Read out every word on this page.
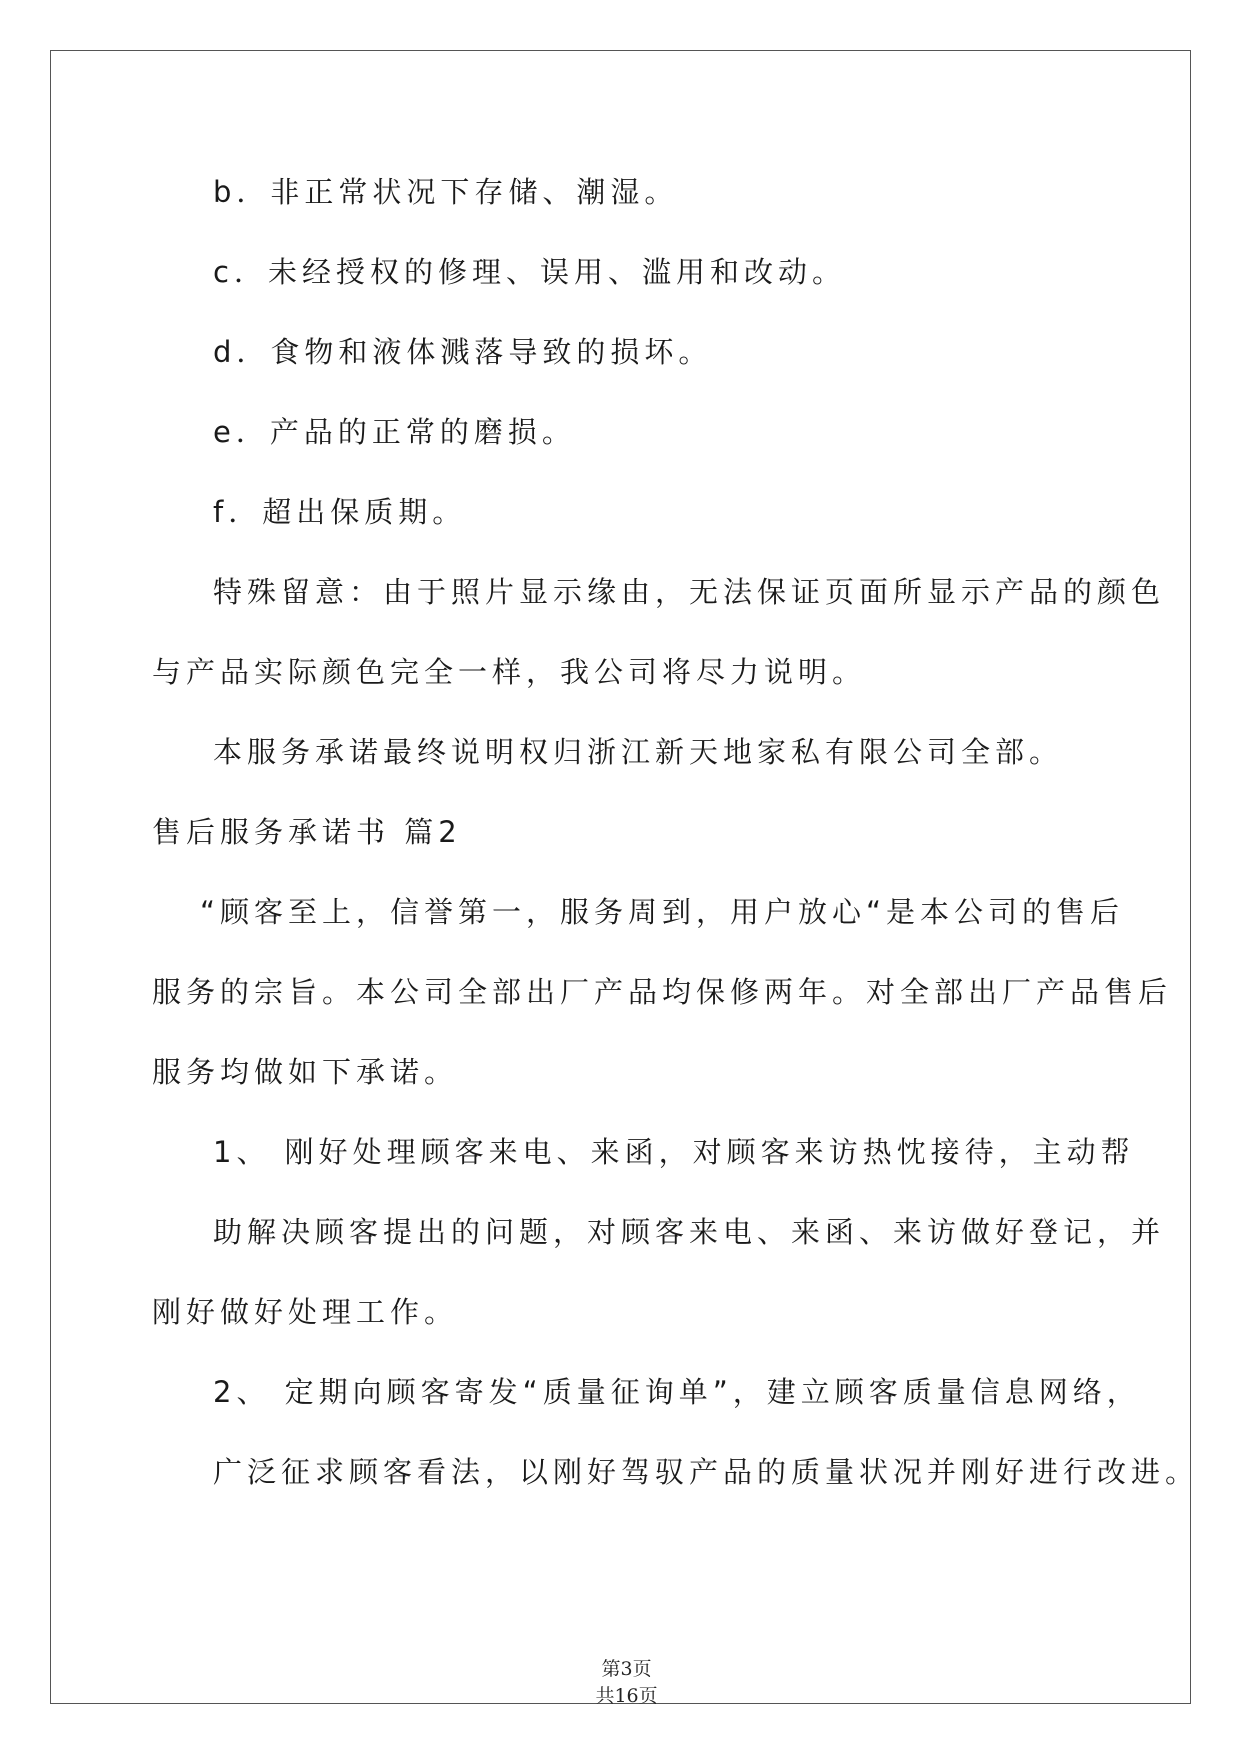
b．非正常状况下存储、潮湿。
c．未经授权的修理、误用、滥用和改动。
d．食物和液体溅落导致的损坏。
e．产品的正常的磨损。
f．超出保质期。
特殊留意：由于照片显示缘由，无法保证页面所显示产品的颜色
与产品实际颜色完全一样，我公司将尽力说明。
本服务承诺最终说明权归浙江新天地家私有限公司全部。
售后服务承诺书 篇2
“顾客至上，信誉第一，服务周到，用户放心“是本公司的售后
服务的宗旨。本公司全部出厂产品均保修两年。对全部出厂产品售后
服务均做如下承诺。
1、 刚好处理顾客来电、来函，对顾客来访热忱接待，主动帮
助解决顾客提出的问题，对顾客来电、来函、来访做好登记，并
刚好做好处理工作。
2、 定期向顾客寄发“质量征询单”，建立顾客质量信息网络，
广泛征求顾客看法，以刚好驾驭产品的质量状况并刚好进行改进。

第3页
共16页
